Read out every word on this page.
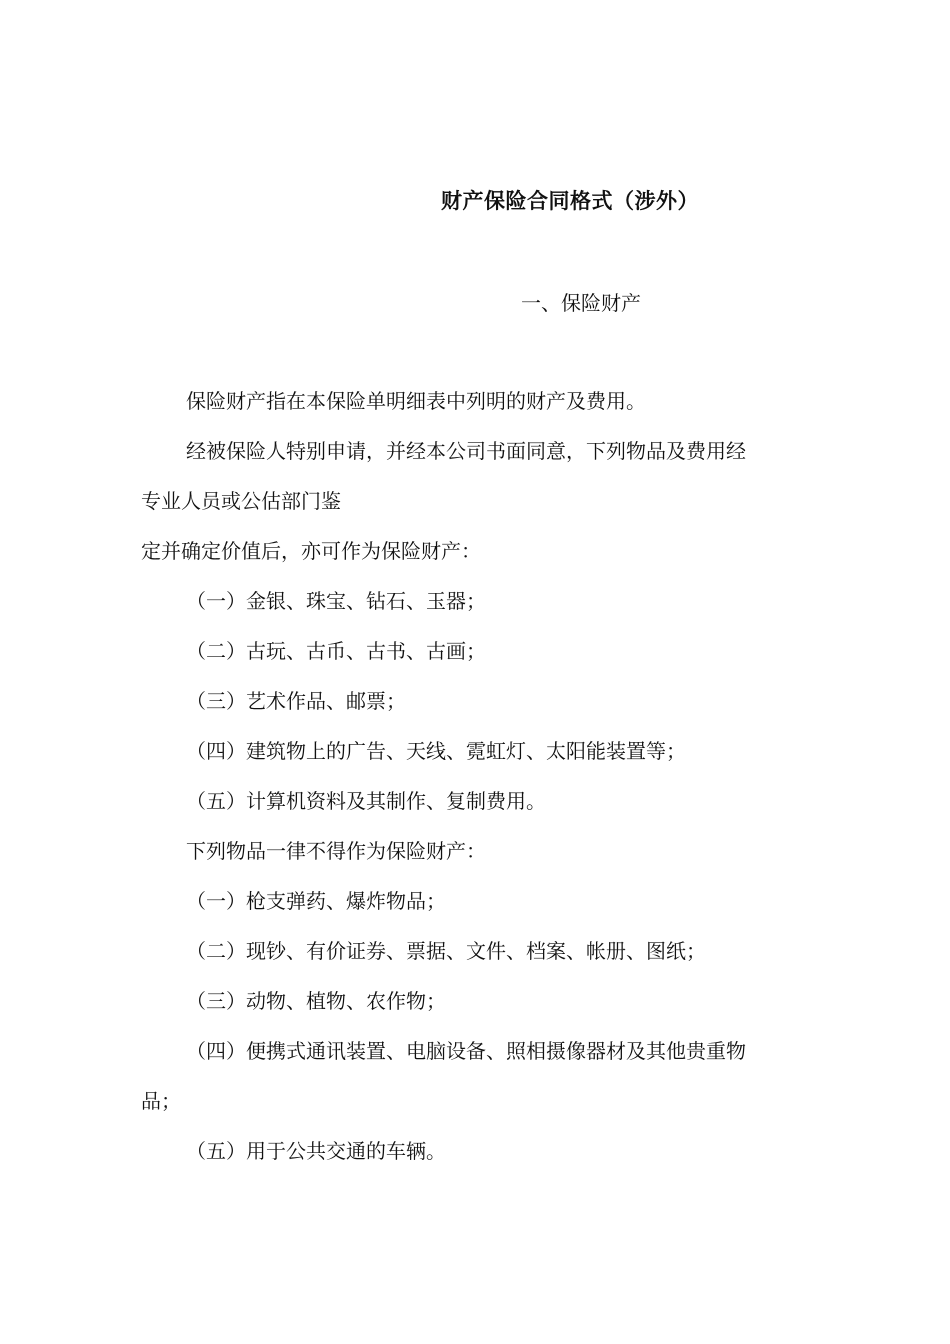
财产保险合同格式（涉外）
一、保险财产
保险财产指在本保险单明细表中列明的财产及费用。
经被保险人特别申请，并经本公司书面同意，下列物品及费用经
专业人员或公估部门鉴
定并确定价值后，亦可作为保险财产：
（一）金银、珠宝、钻石、玉器；
（二）古玩、古币、古书、古画；
（三）艺术作品、邮票；
（四）建筑物上的广告、天线、霓虹灯、太阳能装置等；
（五）计算机资料及其制作、复制费用。
下列物品一律不得作为保险财产：
（一）枪支弹药、爆炸物品；
（二）现钞、有价证券、票据、文件、档案、帐册、图纸；
（三）动物、植物、农作物；
（四）便携式通讯装置、电脑设备、照相摄像器材及其他贵重物
品；
（五）用于公共交通的车辆。
